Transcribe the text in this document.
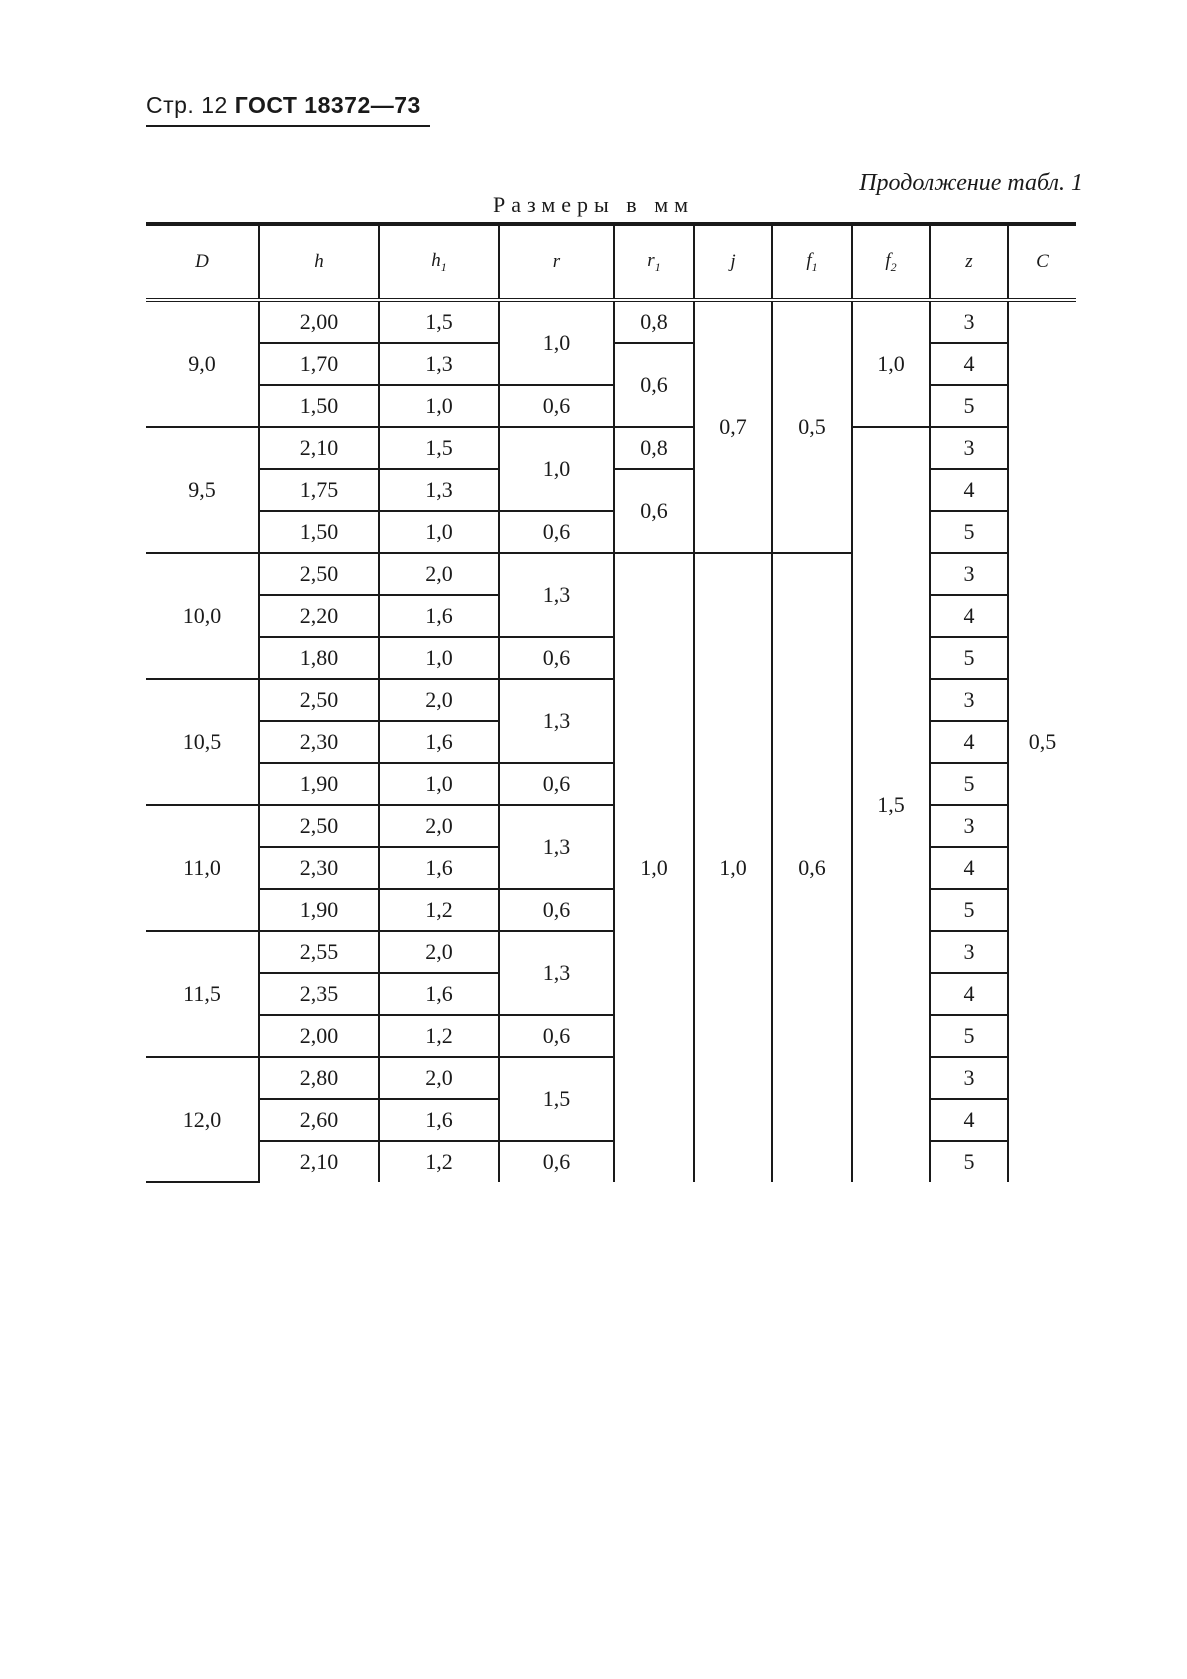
Стр. 12 ГОСТ 18372—73
Продолжение табл. 1
Размеры в мм
D	h	$h_1$	r	$r_1$	j	$f_1$	$f_2$	z	C
9,0	2,00	1,5	1,0	0,8	0,7	0,5	1,0	3	0,5
	1,70	1,3		0,6				4	
	1,50	1,0	0,6					5	
9,5	2,10	1,5	1,0	0,8			1,5	3	
	1,75	1,3		0,6				4	
	1,50	1,0	0,6					5	
10,0	2,50	2,0	1,3	1,0	1,0	0,6		3	
	2,20	1,6						4	
	1,80	1,0	0,6					5	
10,5	2,50	2,0	1,3					3	
	2,30	1,6						4	
	1,90	1,0	0,6					5	
11,0	2,50	2,0	1,3					3	
	2,30	1,6						4	
	1,90	1,2	0,6					5	
11,5	2,55	2,0	1,3					3	
	2,35	1,6						4	
	2,00	1,2	0,6					5	
12,0	2,80	2,0	1,5					3	
	2,60	1,6						4	
	2,10	1,2	0,6					5	
